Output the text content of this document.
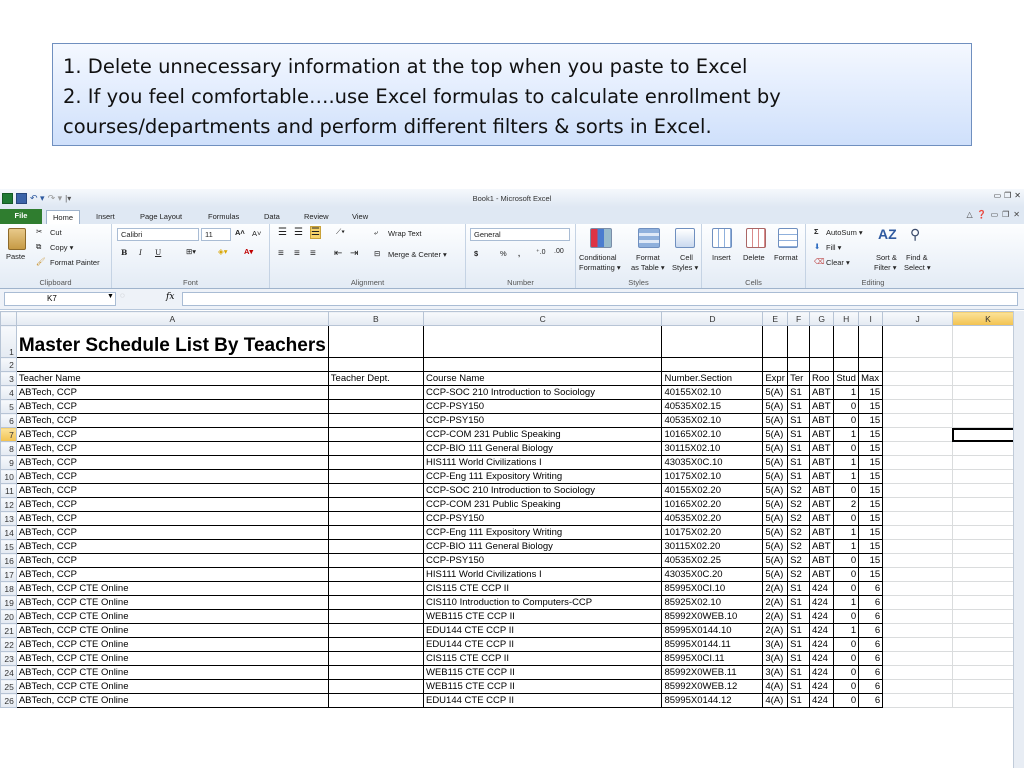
1. Delete unnecessary information at the top when you paste to Excel
2. If you feel comfortable….use Excel formulas to calculate enrollment by
courses/departments and perform different filters & sorts in Excel.
↶ ▾ ↷ ▾ |▾	Book1 - Microsoft Excel	▭ ❐ ✕
File	Home	Insert	Page Layout	Formulas	Data	Review	View	△ ❓ ▭ ❐ ✕
Paste
✂ Cut
⧉ Copy ▾
🖌 Format Painter
Clipboard
Calibri	11	A˄ A˅
B I U	⊞▾	◈▾ A▾
Font
☰ ☰ ☰ ⟋▾	⤶ Wrap Text
≡ ≡ ≡ ⇤ ⇥ ⊟ Merge & Center ▾
Alignment
General
$	% , ⁺.0 .00
Number
Conditional
Formatting ▾
Format
as Table ▾
Cell
Styles ▾
Styles
Insert Delete Format
Cells
Σ AutoSum ▾
⬇ Fill ▾
⌫ Clear ▾
AZ
Sort &
Filter ▾
⚲
Find &
Select ▾
Editing
K7	▼ ◌	fx
	A	B	C	D	E	F	G	H	I	J	K
1	Master Schedule List By Teachers										
2											
3	Teacher Name	Teacher Dept.	Course Name	Number.Section	Expr	Ter	Roo	Stud	Max		
4	ABTech, CCP		CCP-SOC 210 Introduction to Sociology	40155X02.10	5(A)	S1	ABT	1	15		
5	ABTech, CCP		CCP-PSY150	40535X02.15	5(A)	S1	ABT	0	15		
6	ABTech, CCP		CCP-PSY150	40535X02.10	5(A)	S1	ABT	0	15		
7	ABTech, CCP		CCP-COM 231 Public Speaking	10165X02.10	5(A)	S1	ABT	1	15		
8	ABTech, CCP		CCP-BIO 111 General Biology	30115X02.10	5(A)	S1	ABT	0	15		
9	ABTech, CCP		HIS111 World Civilizations I	43035X0C.10	5(A)	S1	ABT	1	15		
10	ABTech, CCP		CCP-Eng 111 Expository Writing	10175X02.10	5(A)	S1	ABT	1	15		
11	ABTech, CCP		CCP-SOC 210 Introduction to Sociology	40155X02.20	5(A)	S2	ABT	0	15		
12	ABTech, CCP		CCP-COM 231 Public Speaking	10165X02.20	5(A)	S2	ABT	2	15		
13	ABTech, CCP		CCP-PSY150	40535X02.20	5(A)	S2	ABT	0	15		
14	ABTech, CCP		CCP-Eng 111 Expository Writing	10175X02.20	5(A)	S2	ABT	1	15		
15	ABTech, CCP		CCP-BIO 111 General Biology	30115X02.20	5(A)	S2	ABT	1	15		
16	ABTech, CCP		CCP-PSY150	40535X02.25	5(A)	S2	ABT	0	15		
17	ABTech, CCP		HIS111 World Civilizations I	43035X0C.20	5(A)	S2	ABT	0	15		
18	ABTech, CCP CTE Online		CIS115 CTE CCP II	85995X0CI.10	2(A)	S1	424	0	6		
19	ABTech, CCP CTE Online		CIS110 Introduction to Computers-CCP	85925X02.10	2(A)	S1	424	1	6		
20	ABTech, CCP CTE Online		WEB115 CTE CCP II	85992X0WEB.10	2(A)	S1	424	0	6		
21	ABTech, CCP CTE Online		EDU144 CTE CCP II	85995X0144.10	2(A)	S1	424	1	6		
22	ABTech, CCP CTE Online		EDU144 CTE CCP II	85995X0144.11	3(A)	S1	424	0	6		
23	ABTech, CCP CTE Online		CIS115 CTE CCP II	85995X0CI.11	3(A)	S1	424	0	6		
24	ABTech, CCP CTE Online		WEB115 CTE CCP II	85992X0WEB.11	3(A)	S1	424	0	6		
25	ABTech, CCP CTE Online		WEB115 CTE CCP II	85992X0WEB.12	4(A)	S1	424	0	6		
26	ABTech, CCP CTE Online		EDU144 CTE CCP II	85995X0144.12	4(A)	S1	424	0	6		
